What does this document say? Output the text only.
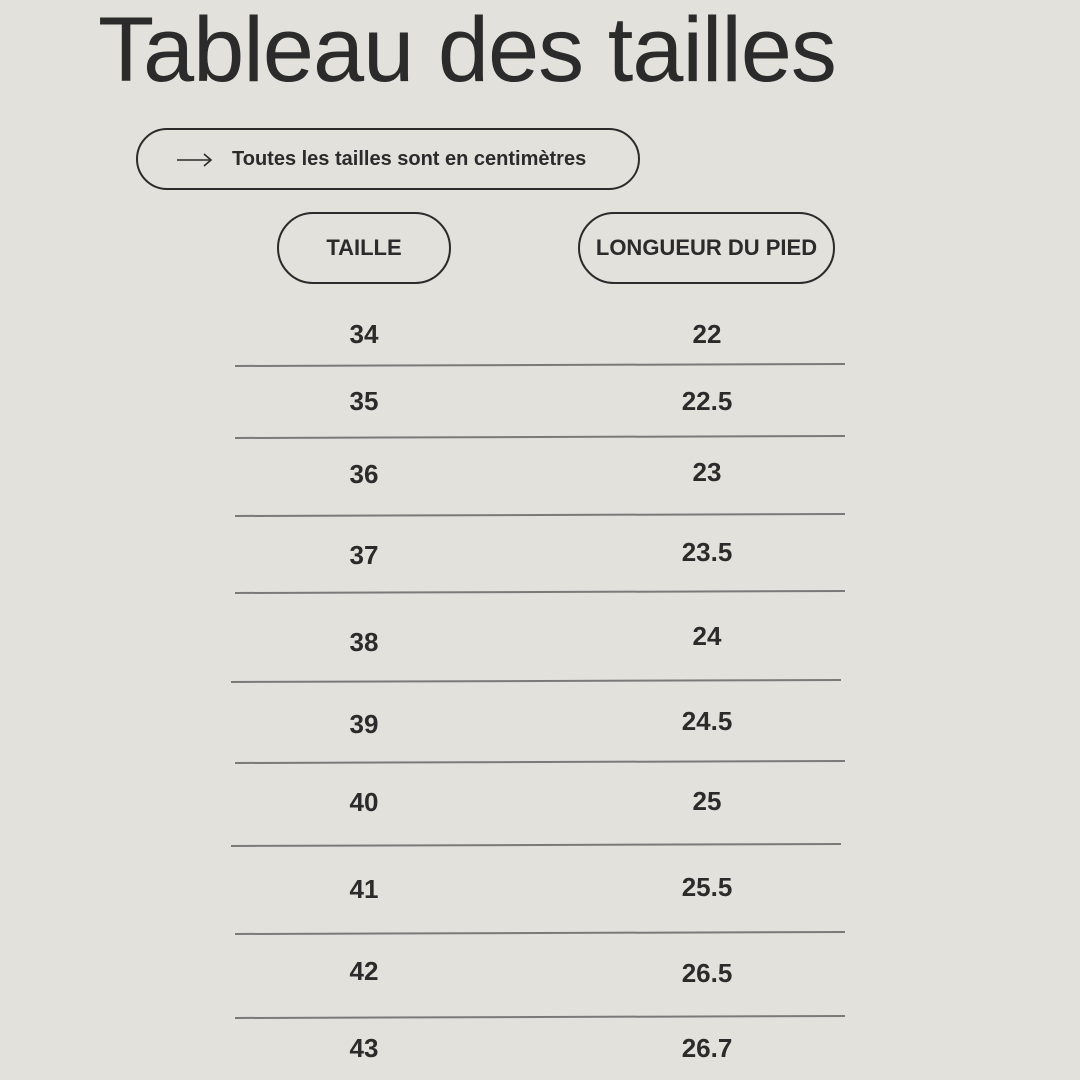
Tableau des tailles
Toutes les tailles sont en centimètres
TAILLE	LONGUEUR DU PIED
34	22
35	22.5
36	23
37	23.5
38	24
39	24.5
40	25
41	25.5
42	26.5
43	26.7
